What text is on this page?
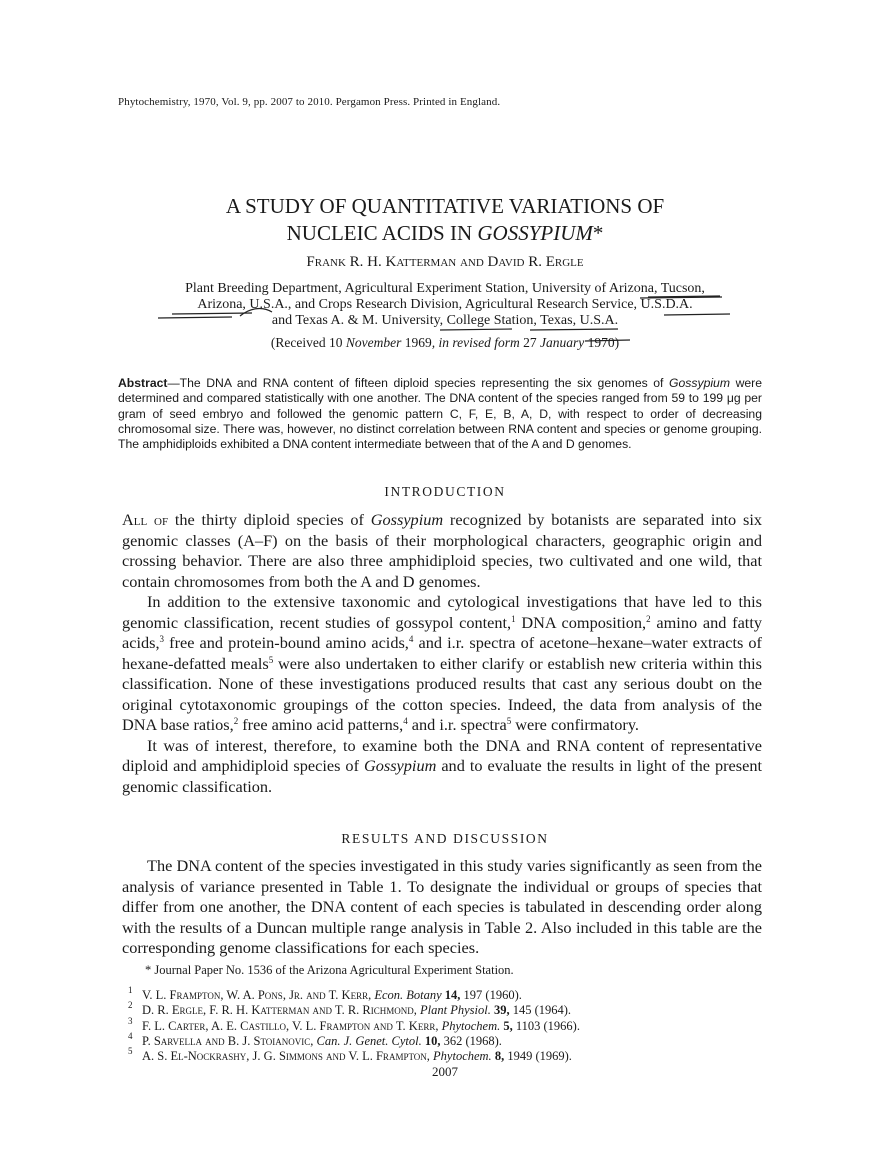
Phytochemistry, 1970, Vol. 9, pp. 2007 to 2010. Pergamon Press. Printed in England.
A STUDY OF QUANTITATIVE VARIATIONS OF
NUCLEIC ACIDS IN GOSSYPIUM*
Frank R. H. Katterman and David R. Ergle
Plant Breeding Department, Agricultural Experiment Station, University of Arizona, Tucson,
Arizona, U.S.A., and Crops Research Division, Agricultural Research Service, U.S.D.A.
and Texas A. & M. University, College Station, Texas, U.S.A.
(Received 10 November 1969, in revised form 27 January 1970)
Abstract—The DNA and RNA content of fifteen diploid species representing the six genomes of Gossypium were determined and compared statistically with one another. The DNA content of the species ranged from 59 to 199 μg per gram of seed embryo and followed the genomic pattern C, F, E, B, A, D, with respect to order of decreasing chromosomal size. There was, however, no distinct correlation between RNA content and species or genome grouping. The amphidiploids exhibited a DNA content intermediate between that of the A and D genomes.
INTRODUCTION

All of the thirty diploid species of Gossypium recognized by botanists are separated into six genomic classes (A–F) on the basis of their morphological characters, geographic origin and crossing behavior. There are also three amphidiploid species, two cultivated and one wild, that contain chromosomes from both the A and D genomes.

In addition to the extensive taxonomic and cytological investigations that have led to this genomic classification, recent studies of gossypol content,$^1$ DNA composition,$^2$ amino and fatty acids,$^3$ free and protein-bound amino acids,$^4$ and i.r. spectra of acetone–hexane–water extracts of hexane-defatted meals$^5$ were also undertaken to either clarify or establish new criteria within this classification. None of these investigations produced results that cast any serious doubt on the original cytotaxonomic groupings of the cotton species. Indeed, the data from analysis of the DNA base ratios,$^2$ free amino acid patterns,$^4$ and i.r. spectra$^5$ were confirmatory.

It was of interest, therefore, to examine both the DNA and RNA content of representative diploid and amphidiploid species of Gossypium and to evaluate the results in light of the present genomic classification.

RESULTS AND DISCUSSION

The DNA content of the species investigated in this study varies significantly as seen from the analysis of variance presented in Table 1. To designate the individual or groups of species that differ from one another, the DNA content of each species is tabulated in descending order along with the results of a Duncan multiple range analysis in Table 2. Also included in this table are the corresponding genome classifications for each species.

* Journal Paper No. 1536 of the Arizona Agricultural Experiment Station.
$^1$ V. L. Frampton, W. A. Pons, Jr. and T. Kerr, Econ. Botany 14, 197 (1960).
$^2$ D. R. Ergle, F. R. H. Katterman and T. R. Richmond, Plant Physiol. 39, 145 (1964).
$^3$ F. L. Carter, A. E. Castillo, V. L. Frampton and T. Kerr, Phytochem. 5, 1103 (1966).
$^4$ P. Sarvella and B. J. Stoianovic, Can. J. Genet. Cytol. 10, 362 (1968).
$^5$ A. S. El-Nockrashy, J. G. Simmons and V. L. Frampton, Phytochem. 8, 1949 (1969).
2007
